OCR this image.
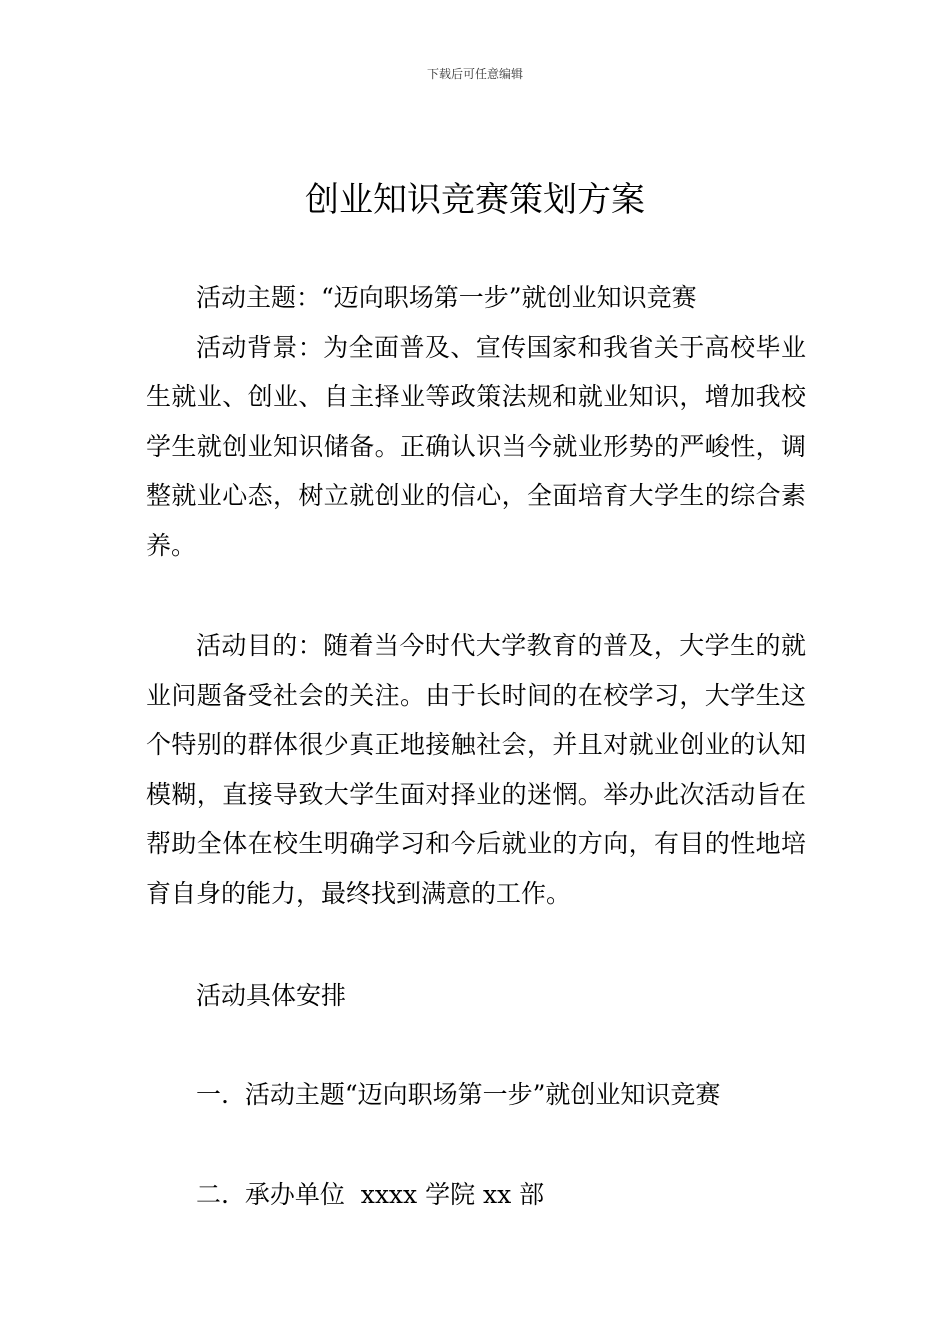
下载后可任意编辑
创业知识竞赛策划方案

活动主题：“迈向职场第一步”就创业知识竞赛

活动背景：为全面普及、宣传国家和我省关于高校毕业生就业、创业、自主择业等政策法规和就业知识，增加我校学生就创业知识储备。正确认识当今就业形势的严峻性，调整就业心态，树立就创业的信心，全面培育大学生的综合素养。

活动目的：随着当今时代大学教育的普及，大学生的就业问题备受社会的关注。由于长时间的在校学习，大学生这个特别的群体很少真正地接触社会，并且对就业创业的认知模糊，直接导致大学生面对择业的迷惘。举办此次活动旨在帮助全体在校生明确学习和今后就业的方向，有目的性地培育自身的能力，最终找到满意的工作。

活动具体安排

一.  活动主题“迈向职场第一步”就创业知识竞赛

二.  承办单位  xxxx 学院 xx 部
